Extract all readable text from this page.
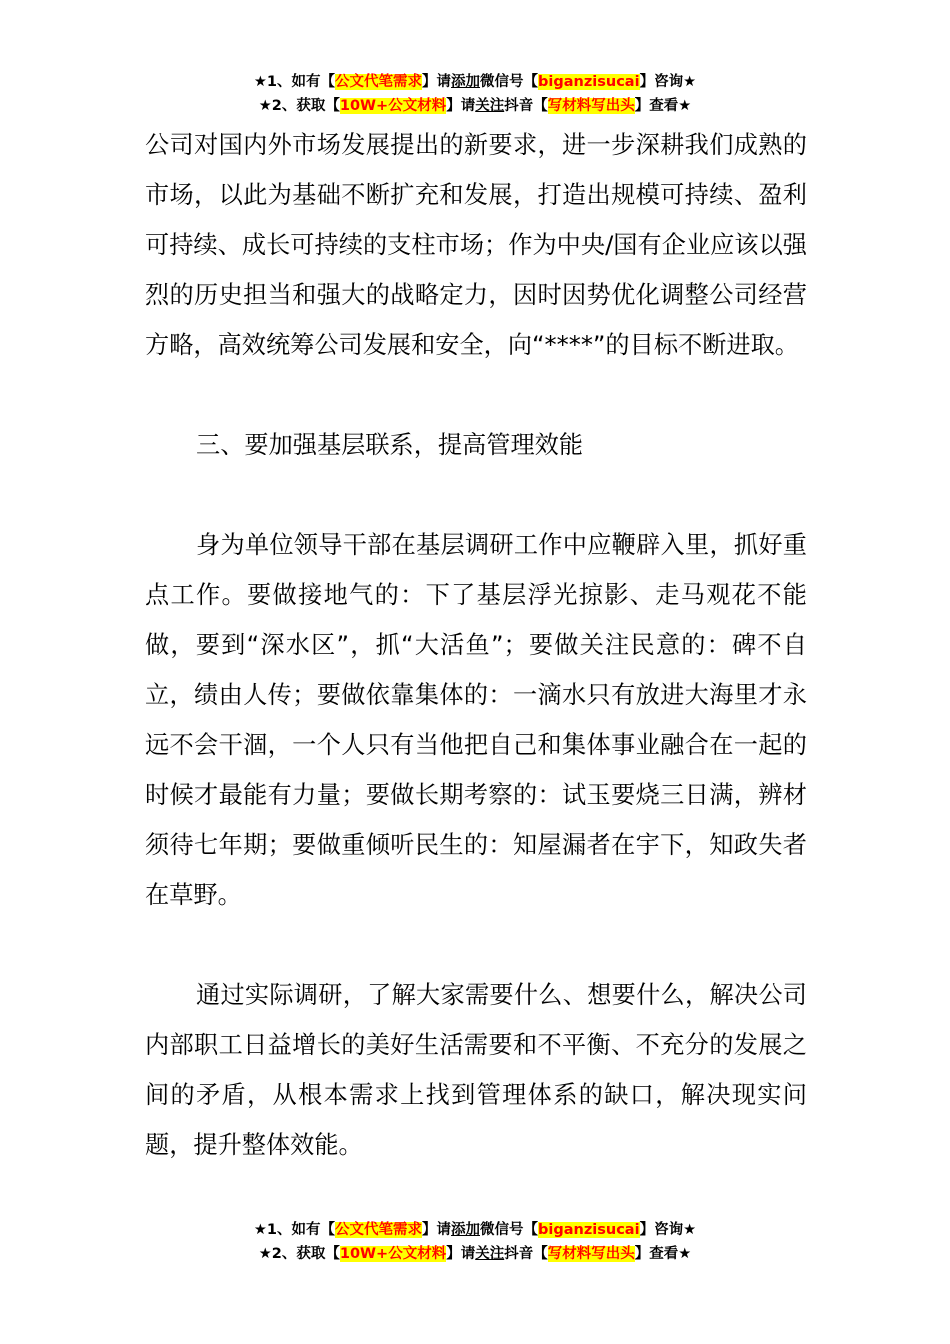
★1、如有【公文代笔需求】请添加微信号【biganzisucai】咨询★
★2、获取【10W+公文材料】请关注抖音【写材料写出头】查看★

公司对国内外市场发展提出的新要求，进一步深耕我们成熟的市场，以此为基础不断扩充和发展，打造出规模可持续、盈利可持续、成长可持续的支柱市场；作为中央/国有企业应该以强烈的历史担当和强大的战略定力，因时因势优化调整公司经营方略，高效统筹公司发展和安全，向“****”的目标不断进取。

三、要加强基层联系，提高管理效能

身为单位领导干部在基层调研工作中应鞭辟入里，抓好重点工作。要做接地气的：下了基层浮光掠影、走马观花不能做，要到“深水区”，抓“大活鱼”；要做关注民意的：碑不自立，绩由人传；要做依靠集体的：一滴水只有放进大海里才永远不会干涸，一个人只有当他把自己和集体事业融合在一起的时候才最能有力量；要做长期考察的：试玉要烧三日满，辨材须待七年期；要做重倾听民生的：知屋漏者在宇下，知政失者在草野。

通过实际调研，了解大家需要什么、想要什么，解决公司内部职工日益增长的美好生活需要和不平衡、不充分的发展之间的矛盾，从根本需求上找到管理体系的缺口，解决现实问题，提升整体效能。

★1、如有【公文代笔需求】请添加微信号【biganzisucai】咨询★
★2、获取【10W+公文材料】请关注抖音【写材料写出头】查看★
